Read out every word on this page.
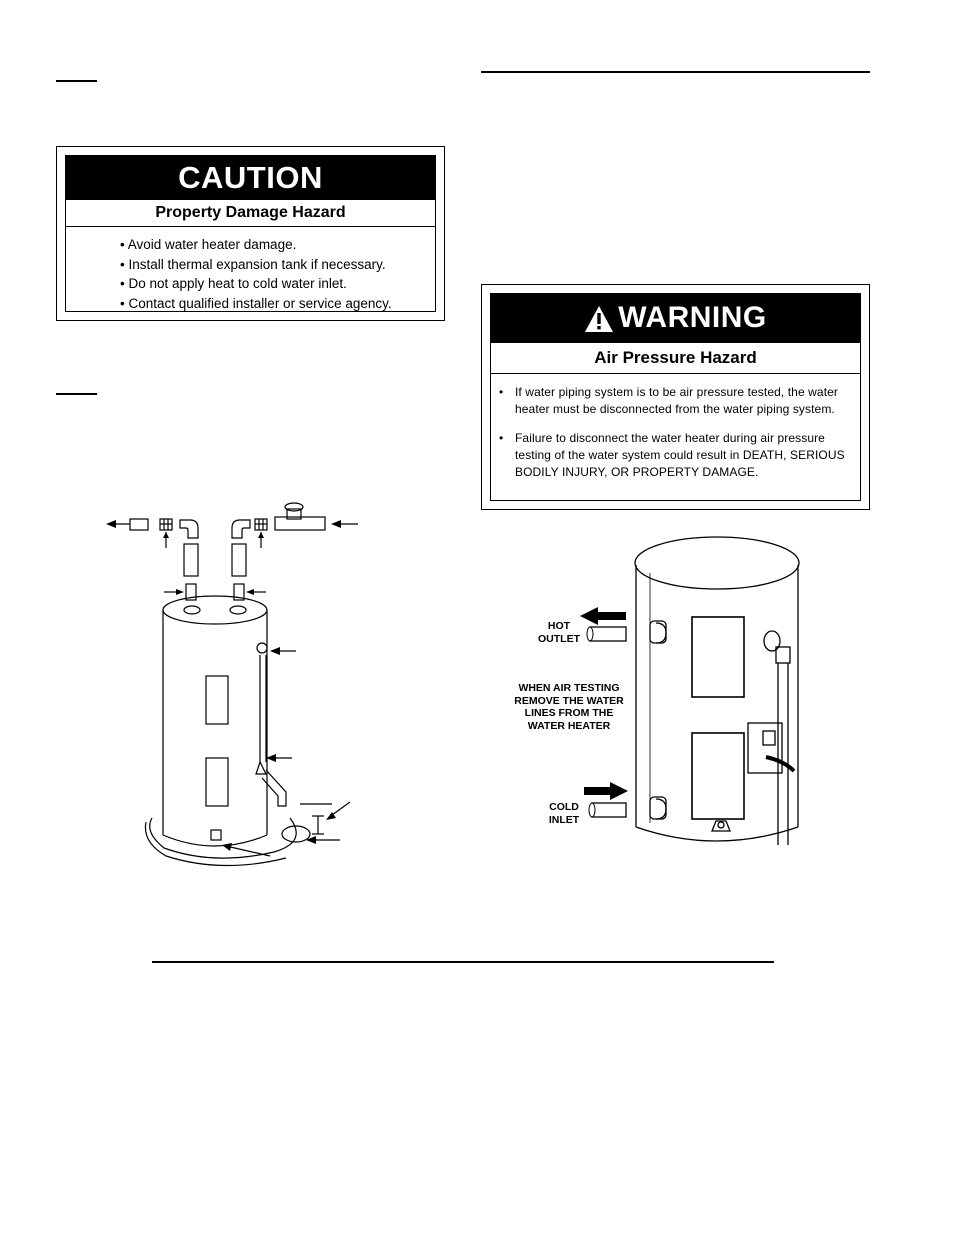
CAUTION
Property Damage Hazard
• Avoid water heater damage.
• Install thermal expansion tank if necessary.
• Do not apply heat to cold water inlet.
• Contact qualified installer or service agency.	WARNING
Air Pressure Hazard
• If water piping system is to be air pressure tested, the water heater must be disconnected from the water piping system.
• Failure to disconnect the water heater during air pressure testing of the water system could result in DEATH, SERIOUS BODILY INJURY, OR PROPERTY DAMAGE.
HOT
OUTLET
WHEN AIR TESTING
REMOVE THE WATER
LINES FROM THE
WATER HEATER
COLD
INLET
